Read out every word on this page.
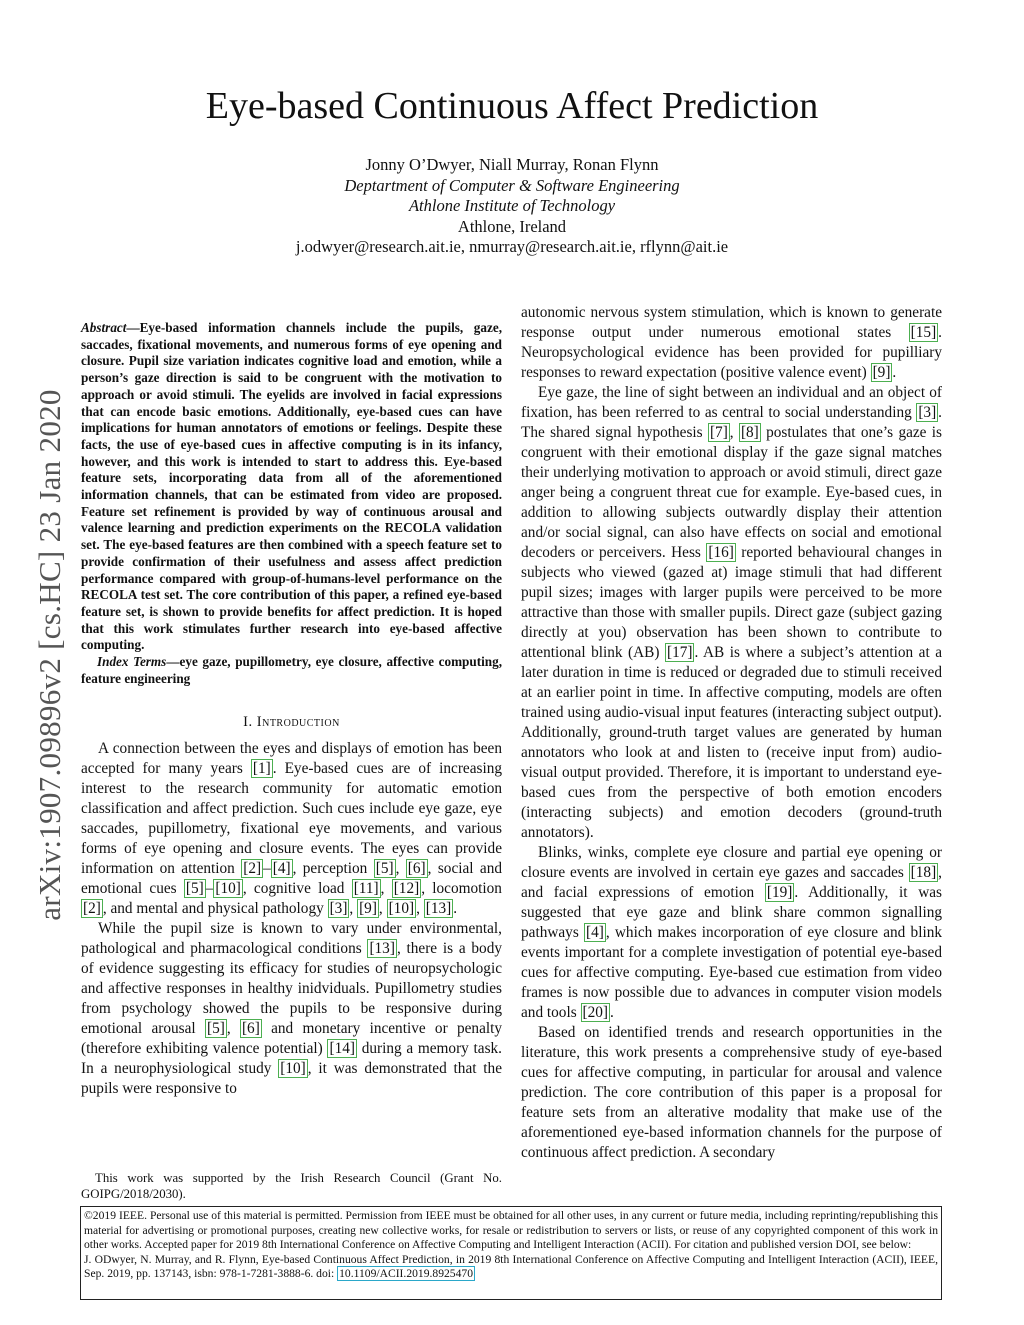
Eye-based Continuous Affect Prediction
Jonny O’Dwyer, Niall Murray, Ronan Flynn
Deptartment of Computer & Software Engineering
Athlone Institute of Technology
Athlone, Ireland
j.odwyer@research.ait.ie, nmurray@research.ait.ie, rflynn@ait.ie
arXiv:1907.09896v2 [cs.HC] 23 Jan 2020

Abstract—Eye-based information channels include the pupils, gaze, saccades, fixational movements, and numerous forms of eye opening and closure. Pupil size variation indicates cognitive load and emotion, while a person’s gaze direction is said to be congruent with the motivation to approach or avoid stimuli. The eyelids are involved in facial expressions that can encode basic emotions. Additionally, eye-based cues can have implications for human annotators of emotions or feelings. Despite these facts, the use of eye-based cues in affective computing is in its infancy, however, and this work is intended to start to address this. Eye-based feature sets, incorporating data from all of the aforementioned information channels, that can be estimated from video are proposed. Feature set refinement is provided by way of continuous arousal and valence learning and prediction experiments on the RECOLA validation set. The eye-based features are then combined with a speech feature set to provide confirmation of their usefulness and assess affect prediction performance compared with group-of-humans-level performance on the RECOLA test set. The core contribution of this paper, a refined eye-based feature set, is shown to provide benefits for affect prediction. It is hoped that this work stimulates further research into eye-based affective computing.

Index Terms—eye gaze, pupillometry, eye closure, affective computing, feature engineering

I. Introduction

A connection between the eyes and displays of emotion has been accepted for many years [1] . Eye-based cues are of increasing interest to the research community for automatic emotion classification and affect prediction. Such cues include eye gaze, eye saccades, pupillometry, fixational eye movements, and various forms of eye opening and closure events. The eyes can provide information on attention [2] – [4] , perception [5] , [6] , social and emotional cues [5] – [10] , cognitive load [11] , [12] , locomotion [2] , and mental and physical pathology [3] , [9] , [10] , [13] .

While the pupil size is known to vary under environmental, pathological and pharmacological conditions [13] , there is a body of evidence suggesting its efficacy for studies of neuropsychologic and affective responses in healthy inidviduals. Pupillometry studies from psychology showed the pupils to be responsive during emotional arousal [5] , [6] and monetary incentive or penalty (therefore exhibiting valence potential) [14] during a memory task. In a neurophysiological study [10] , it was demonstrated that the pupils were responsive to

This work was supported by the Irish Research Council (Grant No. GOIPG/2018/2030).

autonomic nervous system stimulation, which is known to generate response output under numerous emotional states [15] . Neuropsychological evidence has been provided for pupilliary responses to reward expectation (positive valence event) [9] .

Eye gaze, the line of sight between an individual and an object of fixation, has been referred to as central to social understanding [3] . The shared signal hypothesis [7] , [8] postulates that one’s gaze is congruent with their emotional display if the gaze signal matches their underlying motivation to approach or avoid stimuli, direct gaze anger being a congruent threat cue for example. Eye-based cues, in addition to allowing subjects outwardly display their attention and/or social signal, can also have effects on social and emotional decoders or perceivers. Hess [16] reported behavioural changes in subjects who viewed (gazed at) image stimuli that had different pupil sizes; images with larger pupils were perceived to be more attractive than those with smaller pupils. Direct gaze (subject gazing directly at you) observation has been shown to contribute to attentional blink (AB) [17] . AB is where a subject’s attention at a later duration in time is reduced or degraded due to stimuli received at an earlier point in time. In affective computing, models are often trained using audio-visual input features (interacting subject output). Additionally, ground-truth target values are generated by human annotators who look at and listen to (receive input from) audio-visual output provided. Therefore, it is important to understand eye-based cues from the perspective of both emotion encoders (interacting subjects) and emotion decoders (ground-truth annotators).

Blinks, winks, complete eye closure and partial eye opening or closure events are involved in certain eye gazes and saccades [18] , and facial expressions of emotion [19] . Additionally, it was suggested that eye gaze and blink share common signalling pathways [4] , which makes incorporation of eye closure and blink events important for a complete investigation of potential eye-based cues for affective computing. Eye-based cue estimation from video frames is now possible due to advances in computer vision models and tools [20] .

Based on identified trends and research opportunities in the literature, this work presents a comprehensive study of eye-based cues for affective computing, in particular for arousal and valence prediction. The core contribution of this paper is a proposal for feature sets from an alterative modality that make use of the aforementioned eye-based information channels for the purpose of continuous affect prediction. A secondary

©2019 IEEE. Personal use of this material is permitted. Permission from IEEE must be obtained for all other uses, in any current or future media, including reprinting/republishing this material for advertising or promotional purposes, creating new collective works, for resale or redistribution to servers or lists, or reuse of any copyrighted component of this work in other works. Accepted paper for 2019 8th International Conference on Affective Computing and Intelligent Interaction (ACII). For citation and published version DOI, see below:
J. ODwyer, N. Murray, and R. Flynn, Eye-based Continuous Affect Prediction, in 2019 8th International Conference on Affective Computing and Intelligent Interaction (ACII), IEEE, Sep. 2019, pp. 137143, isbn: 978-1-7281-3888-6. doi: 10.1109/ACII.2019.8925470
